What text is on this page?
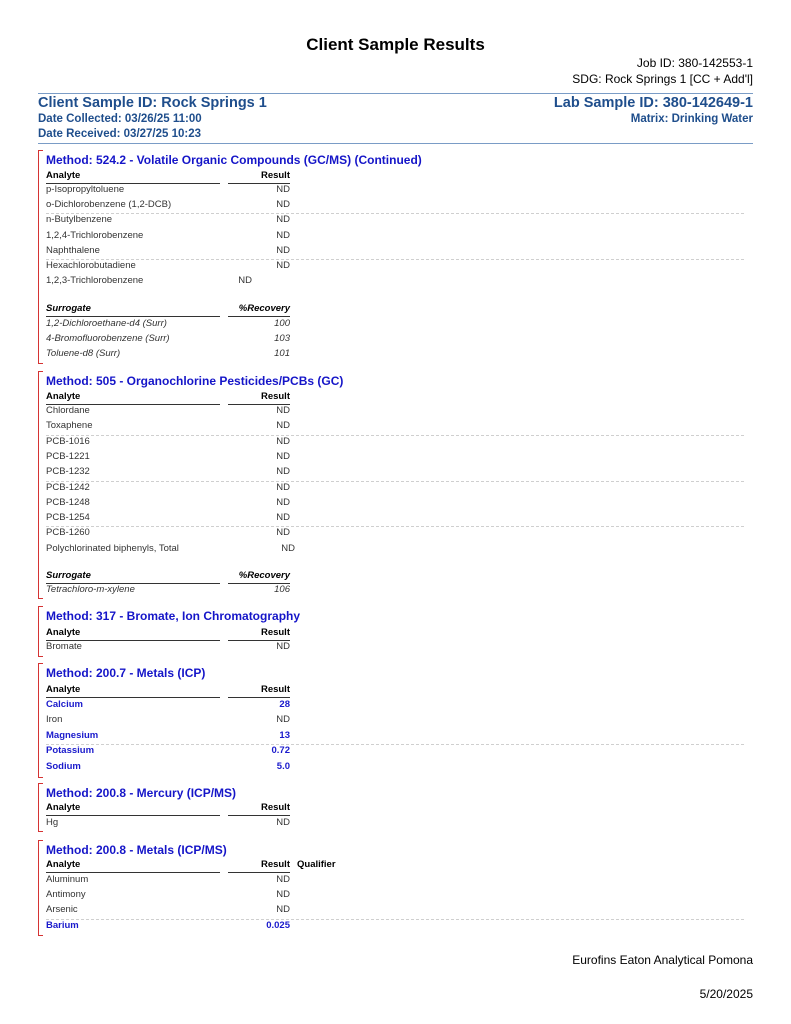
Client Sample Results
Job ID: 380-142553-1
SDG: Rock Springs 1 [CC + Add'l]
Client Sample ID: Rock Springs 1
Date Collected: 03/26/25 11:00
Date Received: 03/27/25 10:23
Lab Sample ID: 380-142649-1
Matrix: Drinking Water
Method: 524.2 - Volatile Organic Compounds (GC/MS) (Continued)
Analyte	Result
p-Isopropyltoluene	ND
o-Dichlorobenzene (1,2-DCB)	ND
n-Butylbenzene	ND
1,2,4-Trichlorobenzene	ND
Naphthalene	ND
Hexachlorobutadiene	ND
1,2,3-Trichlorobenzene	ND
Surrogate	%Recovery
1,2-Dichloroethane-d4 (Surr)	100
4-Bromofluorobenzene (Surr)	103
Toluene-d8 (Surr)	101
Method: 505 - Organochlorine Pesticides/PCBs (GC)
Analyte	Result
Chlordane	ND
Toxaphene	ND
PCB-1016	ND
PCB-1221	ND
PCB-1232	ND
PCB-1242	ND
PCB-1248	ND
PCB-1254	ND
PCB-1260	ND
Polychlorinated biphenyls, Total	ND
Surrogate	%Recovery
Tetrachloro-m-xylene	106
Method: 317 - Bromate, Ion Chromatography
Analyte	Result
Bromate	ND
Method: 200.7 - Metals (ICP)
Analyte	Result
Calcium	28
Iron	ND
Magnesium	13
Potassium	0.72
Sodium	5.0
Method: 200.8 - Mercury (ICP/MS)
Analyte	Result
Hg	ND
Method: 200.8 - Metals (ICP/MS)
Analyte	Result Qualifier
Aluminum	ND
Antimony	ND
Arsenic	ND
Barium	0.025
Eurofins Eaton Analytical Pomona
5/20/2025
